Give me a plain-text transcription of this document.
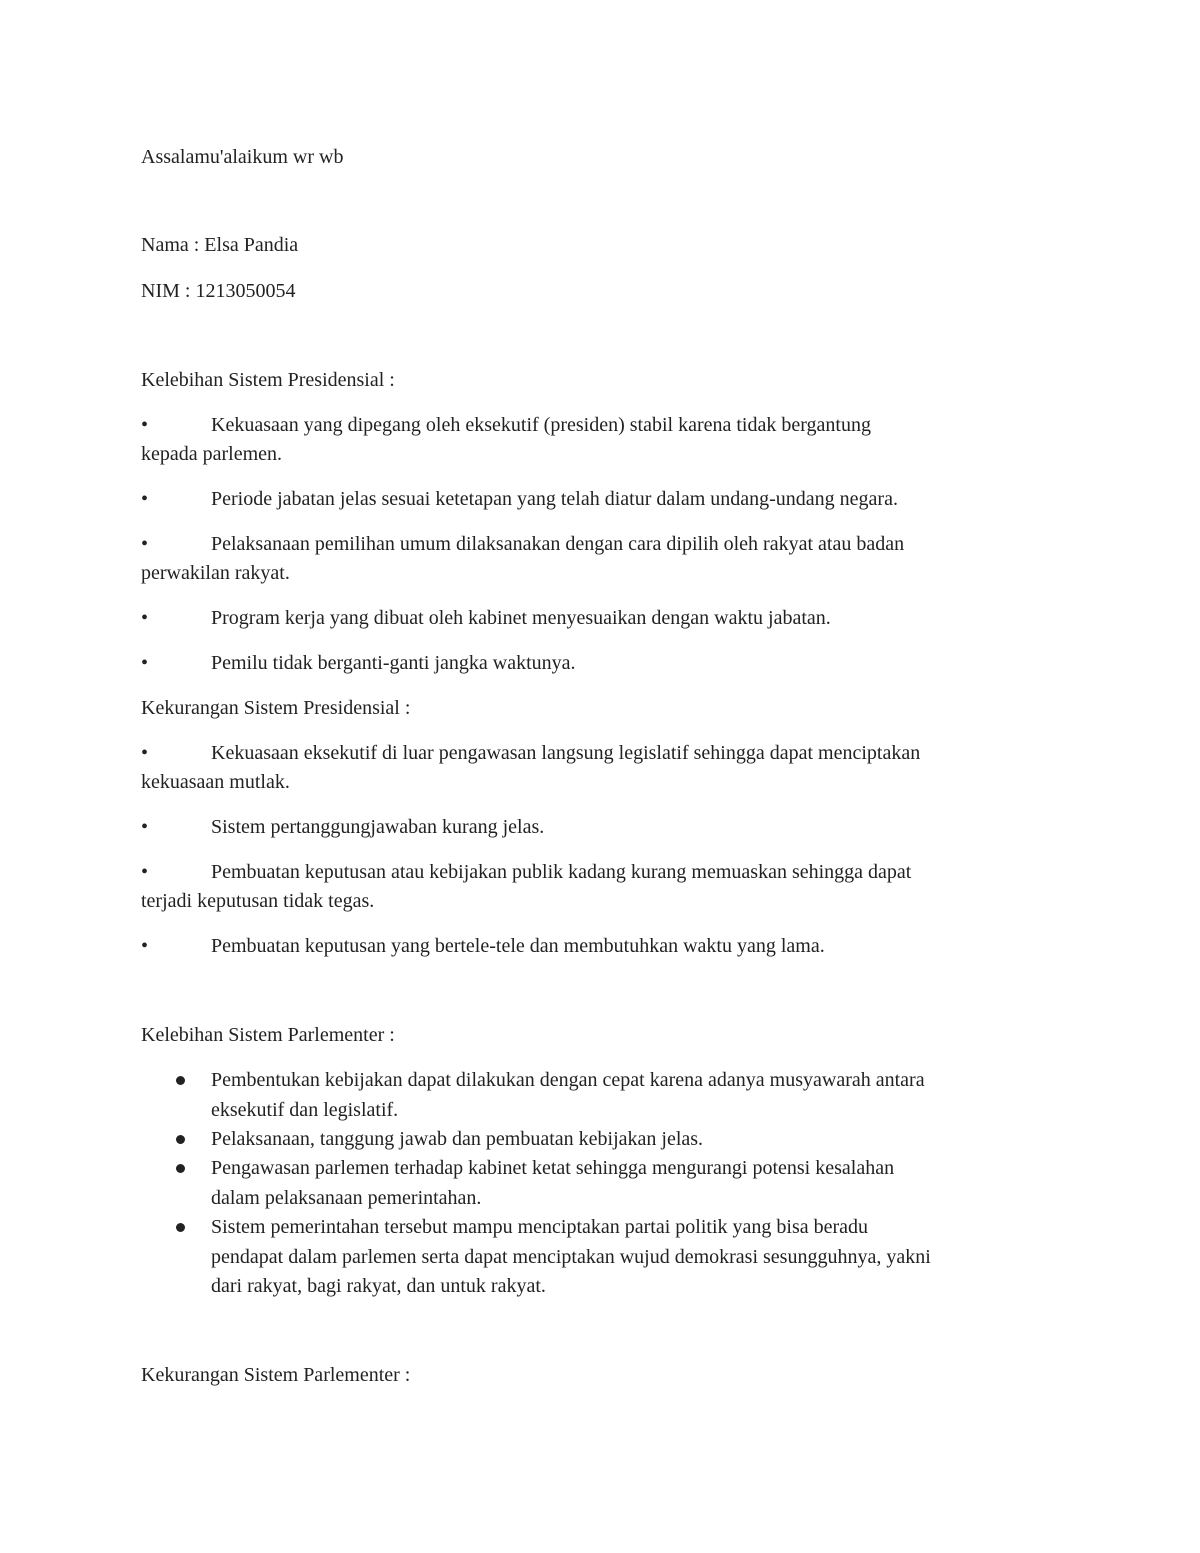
Assalamu'alaikum wr wb

Nama : Elsa Pandia

NIM : 1213050054

Kelebihan Sistem Presidensial :

•	Kekuasaan yang dipegang oleh eksekutif (presiden) stabil karena tidak bergantung
kepada parlemen.
•	Periode jabatan jelas sesuai ketetapan yang telah diatur dalam undang-undang negara.
•	Pelaksanaan pemilihan umum dilaksanakan dengan cara dipilih oleh rakyat atau badan
perwakilan rakyat.
•	Program kerja yang dibuat oleh kabinet menyesuaikan dengan waktu jabatan.
•	Pemilu tidak berganti-ganti jangka waktunya.

Kekurangan Sistem Presidensial :

•	Kekuasaan eksekutif di luar pengawasan langsung legislatif sehingga dapat menciptakan
kekuasaan mutlak.
•	Sistem pertanggungjawaban kurang jelas.
•	Pembuatan keputusan atau kebijakan publik kadang kurang memuaskan sehingga dapat
terjadi keputusan tidak tegas.
•	Pembuatan keputusan yang bertele-tele dan membutuhkan waktu yang lama.

Kelebihan Sistem Parlementer :

Pembentukan kebijakan dapat dilakukan dengan cepat karena adanya musyawarah antara
eksekutif dan legislatif.
Pelaksanaan, tanggung jawab dan pembuatan kebijakan jelas.
Pengawasan parlemen terhadap kabinet ketat sehingga mengurangi potensi kesalahan
dalam pelaksanaan pemerintahan.
Sistem pemerintahan tersebut mampu menciptakan partai politik yang bisa beradu
pendapat dalam parlemen serta dapat menciptakan wujud demokrasi sesungguhnya, yakni
dari rakyat, bagi rakyat, dan untuk rakyat.

Kekurangan Sistem Parlementer :
